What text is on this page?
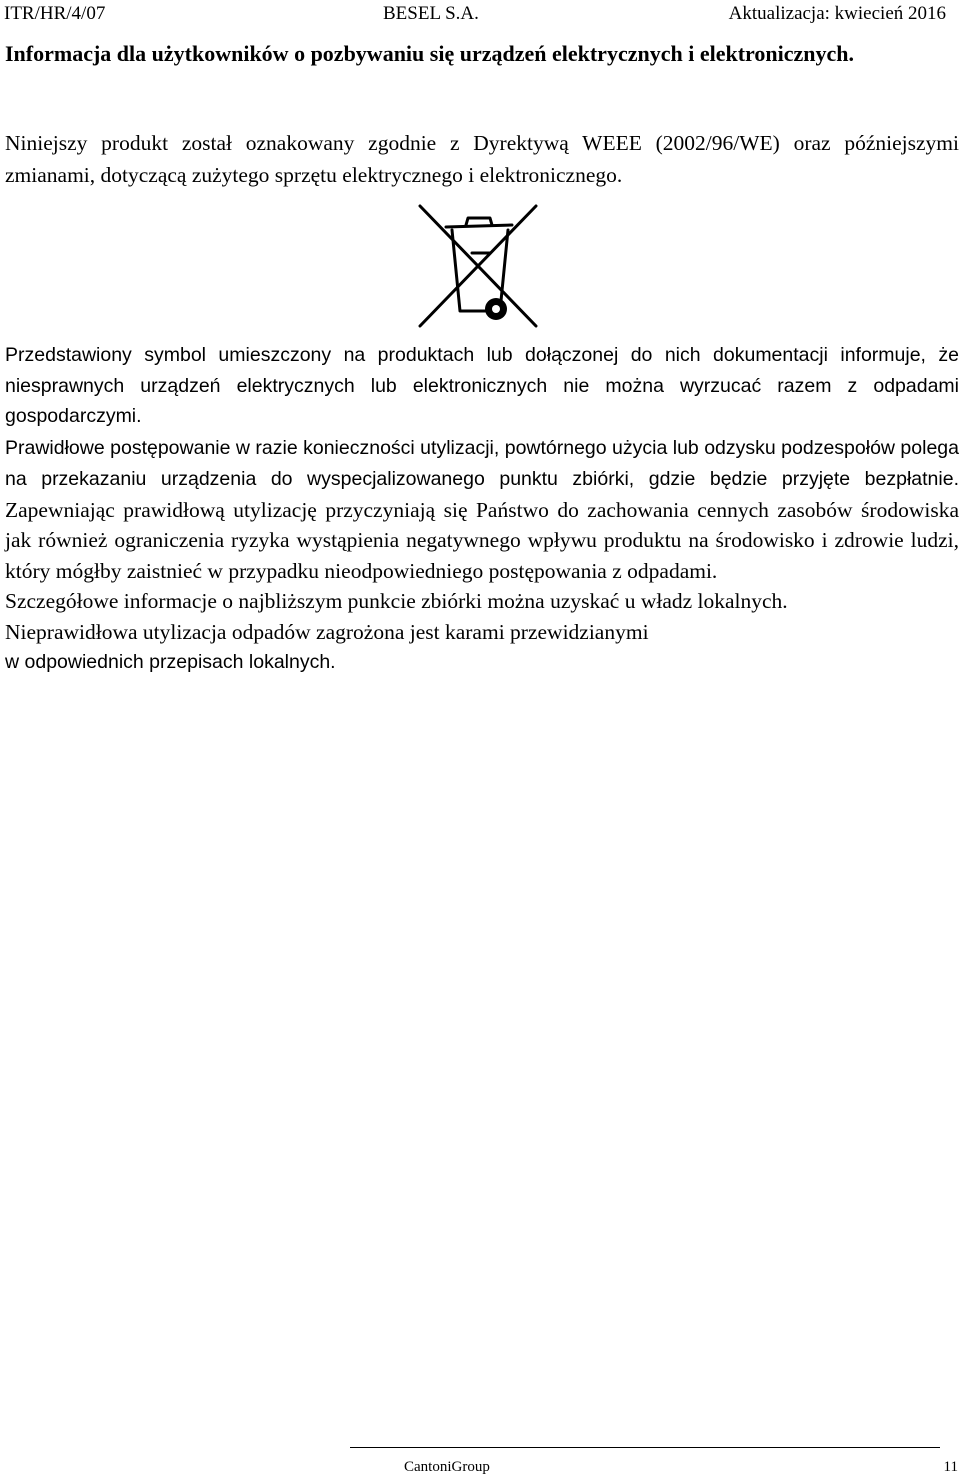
ITR/HR/4/07	BESEL S.A.	Aktualizacja: kwiecień 2016
Informacja dla użytkowników o pozbywaniu się urządzeń elektrycznych i elektronicznych.

Niniejszy produkt został oznakowany zgodnie z Dyrektywą WEEE (2002/96/WE) oraz późniejszymi zmianami, dotyczącą zużytego sprzętu elektrycznego i elektronicznego.

Przedstawiony symbol umieszczony na produktach lub dołączonej do nich dokumentacji informuje, że niesprawnych urządzeń elektrycznych lub elektronicznych nie można wyrzucać razem z odpadami gospodarczymi.

Prawidłowe postępowanie w razie konieczności utylizacji, powtórnego użycia lub odzysku podzespołów polega na przekazaniu urządzenia do wyspecjalizowanego punktu zbiórki, gdzie będzie przyjęte bezpłatnie. Zapewniając prawidłową utylizację przyczyniają się Państwo do zachowania cennych zasobów środowiska jak również ograniczenia ryzyka wystąpienia negatywnego wpływu produktu na środowisko i zdrowie ludzi, który mógłby zaistnieć w przypadku nieodpowiedniego postępowania z odpadami.

Szczegółowe informacje o najbliższym punkcie zbiórki można uzyskać u władz lokalnych.

Nieprawidłowa utylizacja odpadów zagrożona jest karami przewidzianymi

w odpowiednich przepisach lokalnych.

CantoniGroup	11
